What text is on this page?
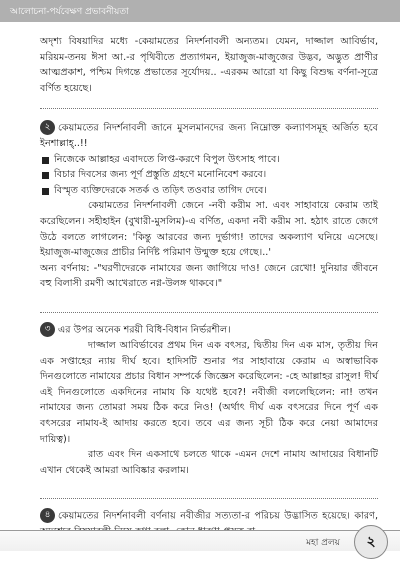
আলোচনা-পর্যবেক্ষণ প্রভাবনীয়তা

অদৃশ্য বিষয়াদির মধ্যে -কেয়ামতের নিদর্শনাবলী অন্যতম। যেমন, দাজ্জাল আবির্ভাব, মরিয়ম-তনয় ঈসা আ.-র পৃথিবীতে প্রত্যাগমন, ইয়াজুজ-মাজুজের উদ্ভব, অদ্ভুত প্রাণীর আত্মপ্রকাশ, পশ্চিম দিগন্তে প্রভাতের সূর্যোদয়.. -এরকম আরো যা কিছু বিশুদ্ধ বর্ণনা-সূত্রে বর্ণিত হয়েছে।

২ কেয়ামতের নিদর্শনাবলী জানে মুসলমানদের জন্য নিম্নোক্ত কল্যাণসমূহ অর্জিত হবে ইনশাল্লাহ্..!!

নিজেকে আল্লাহর এবাদতে লিপ্ত-করণে বিপুল উৎসাহ পাবে।
বিচার দিবসের জন্য পূর্ণ প্রস্তুতি গ্রহণে মনোনিবেশ করবে।
বিস্মৃত ব্যক্তিদেরকে সতর্ক ও তড়িৎ তওবার তাগিদ দেবে।

কেয়ামতের নিদর্শনাবলী জেনে -নবী করীম সা. এবং সাহাবায়ে কেরাম তাই করেছিলেন। সহীহাইন (বুখারী-মুসলিম)-এ বর্ণিত, একদা নবী করীম সা. হঠাৎ রাতে জেগে উঠে বলতে লাগলেন: 'কিন্তু আরবের জন্য দুর্ভাগ্য! তাদের অকল্যাণ ঘনিয়ে এসেছে। ইয়াজুজ-মাজুজের প্রাচীর নির্দিষ্ট পরিমাণ উন্মুক্ত হয়ে গেছে।..'

অন্য বর্ণনায়: -"ঘরণীদেরকে নামাযের জন্য জাগিয়ে দাও! জেনে রেখো! দুনিয়ার জীবনে বহু বিলাসী রমণী আখেরাতে নগ্ন-উলঙ্গ থাকবে।"

৩ এর উপর অনেক শরয়ী বিধি-বিধান নির্ভরশীল।

দাজ্জাল আবির্ভাবের প্রথম দিন এক বৎসর, দ্বিতীয় দিন এক মাস, তৃতীয় দিন এক সপ্তাহের ন্যায় দীর্ঘ হবে। হাদিসটি শুনার পর সাহাবায়ে কেরাম এ অস্বাভাবিক দিনগুলোতে নামাযের প্রচার বিধান সম্পর্কে জিজ্ঞেস করেছিলেন: -হে আল্লাহর রাসুল! দীর্ঘ এই দিনগুলোতে একদিনের নামায কি যথেষ্ট হবে?! নবীজী বললেছিলেন: না! তখন নামাযের জন্য তোমরা সময় ঠিক করে নিও! (অর্থাৎ দীর্ঘ এক বৎসরের দিনে পূর্ণ এক বৎসরের নামায-ই আদায় করতে হবে। তবে এর জন্য সূচী ঠিক করে নেয়া আমাদের দায়িত্ব)।

রাত এবং দিন একসাথে চলতে থাকে -এমন দেশে নামায আদায়ের বিধানটি এখান থেকেই আমরা আবিষ্কার করলাম।

৪ কেয়ামতের নিদর্শনাবলী বর্ণনায় নবীজীর সত্যতা-র পরিচয় উদ্ভাসিত হয়েছে। কারণ,

মহা প্রলয়	২
